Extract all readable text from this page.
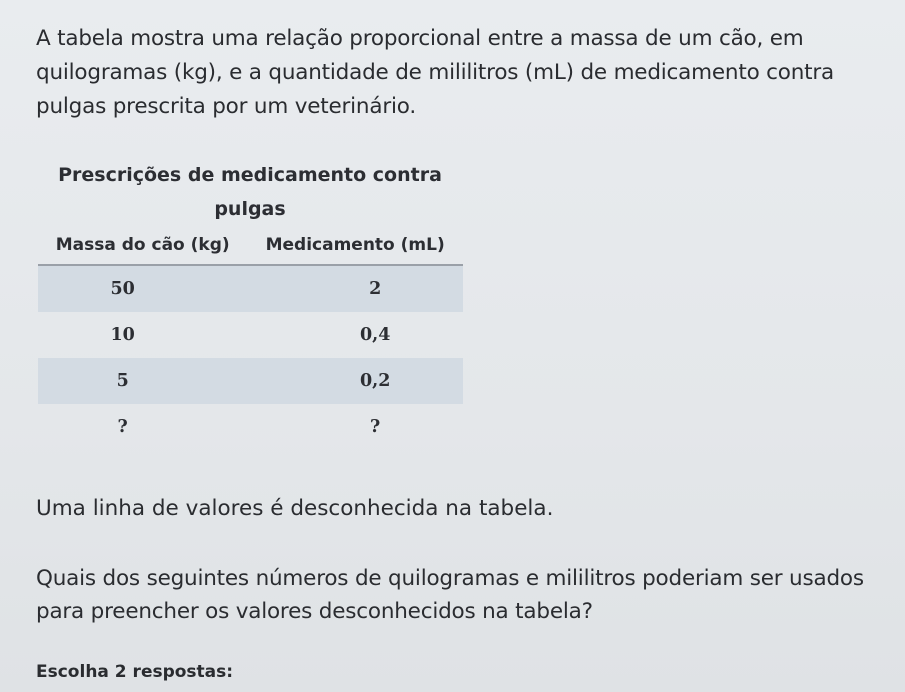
A tabela mostra uma relação proporcional entre a massa de um cão, em quilogramas (kg), e a quantidade de mililitros (mL) de medicamento contra pulgas prescrita por um veterinário.
Prescrições de medicamento contra pulgas
Massa do cão (kg)	Medicamento (mL)
50	2
10	0,4
5	0,2
?	?
Uma linha de valores é desconhecida na tabela.
Quais dos seguintes números de quilogramas e mililitros poderiam ser usados para preencher os valores desconhecidos na tabela?
Escolha 2 respostas:
